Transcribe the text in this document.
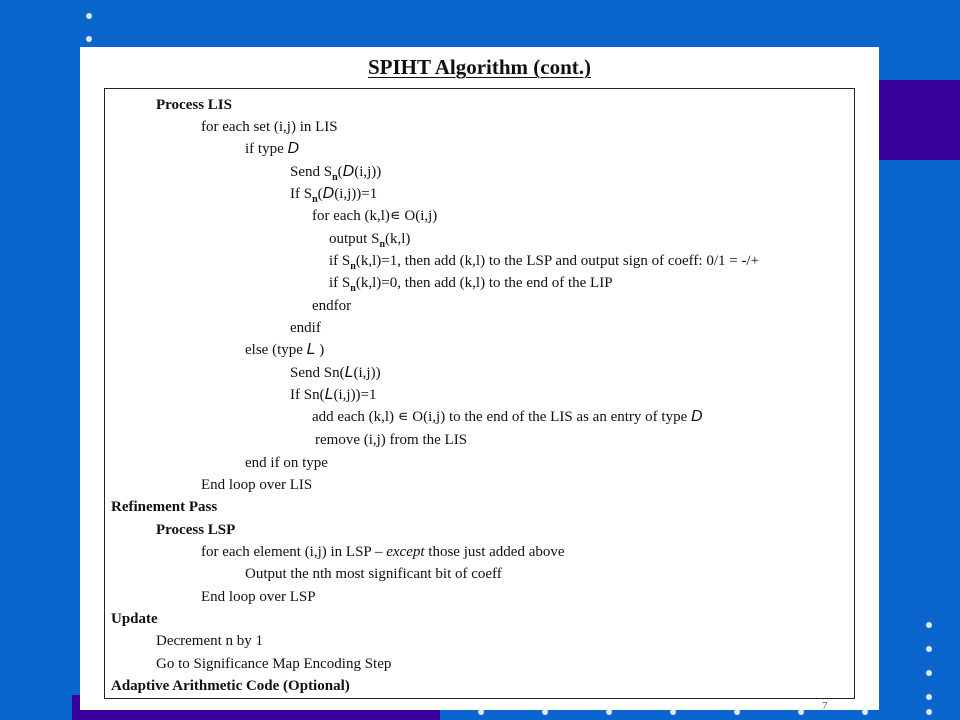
SPIHT Algorithm (cont.)
Process LIS
for each set (i,j) in LIS
if type D
Send $S_n(D(i,j))$
If $S_n(D(i,j))=1$
for each (k,l)∊ O(i,j)
output $S_n(k,l)$
if $S_n(k,l)=1$, then add (k,l) to the LSP and output sign of coeff: 0/1 = -/+
if $S_n(k,l)=0$, then add (k,l) to the end of the LIP
endfor
endif
else (type L )
Send Sn(L(i,j))
If Sn(L(i,j))=1
add each (k,l) ∊ O(i,j) to the end of the LIS as an entry of type D
remove (i,j) from the LIS
end if on type
End loop over LIS
Refinement Pass
Process LSP
for each element (i,j) in LSP – except those just added above
Output the nth most significant bit of coeff
End loop over LSP
Update
Decrement n by 1
Go to Significance Map Encoding Step
Adaptive Arithmetic Code (Optional)
7
